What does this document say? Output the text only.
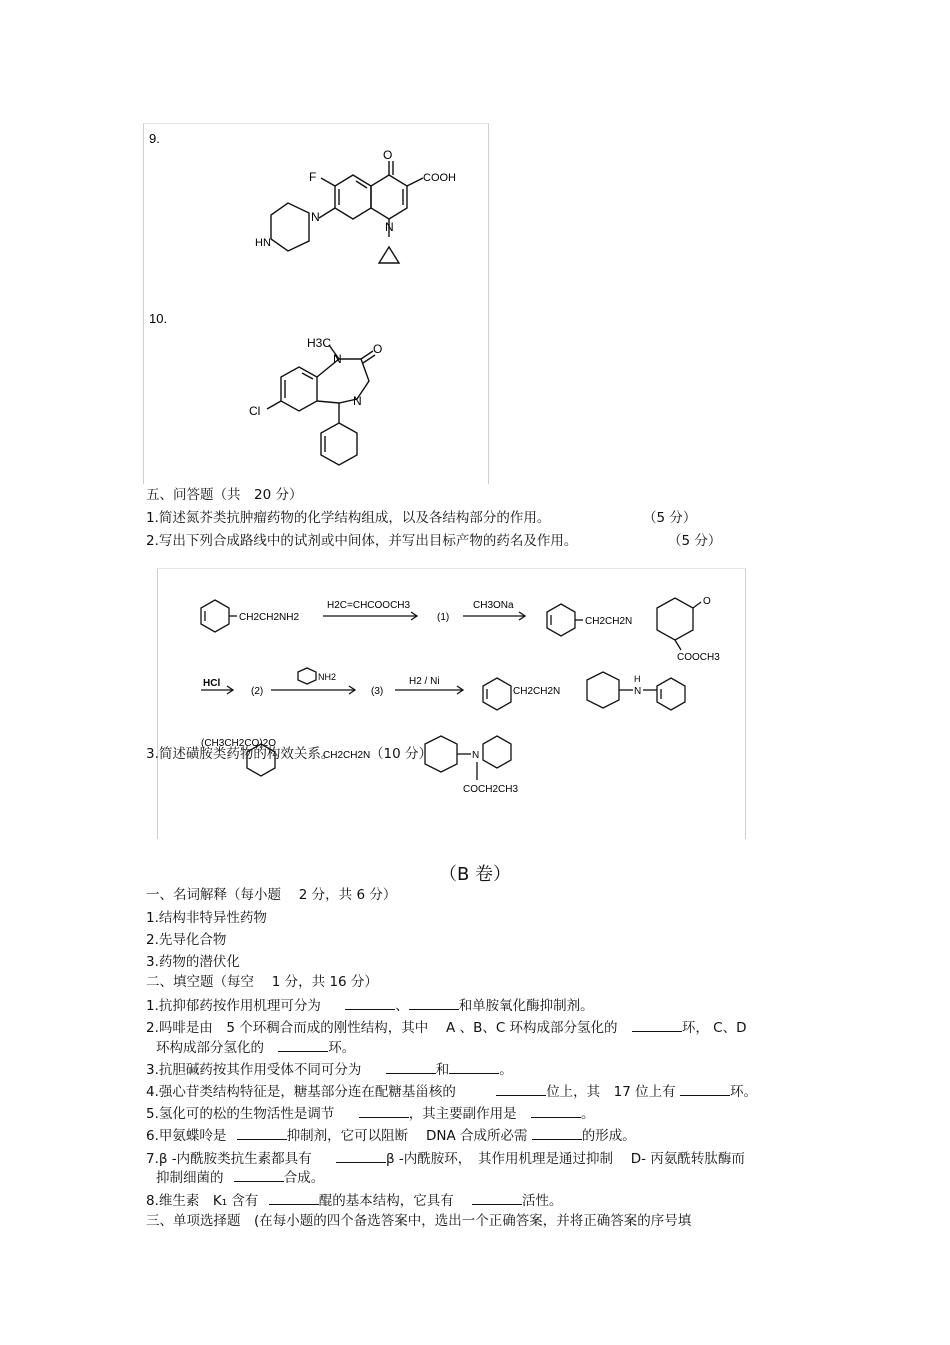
9.
O
COOH
F
N
N
HN
10.
H3C
N
O
Cl
N
五、问答题（共　20 分）
1.简述氮芥类抗肿瘤药物的化学结构组成，以及各结构部分的作用。	（5 分）
2.写出下列合成路线中的试剂或中间体，并写出目标产物的药名及作用。	（5 分）
CH2CH2NH2
H2C=CHCOOCH3
(1)
CH3ONa
CH2CH2N
O
COOCH3
HCl
(2)
NH2
(3)
H2 / Ni
CH2CH2N	N
H
(CH3CH2CO)2O
CH2CH2N	N
COCH2CH3
3.简述磺胺类药物的构效关系。	（10 分）
（B 卷）
一、名词解释（每小题　 2 分，共 6 分）
1.结构非特异性药物
2.先导化合物
3.药物的潜伏化
二、填空题（每空　 1 分，共 16 分）
1.抗抑郁药按作用机理可分为	、	和单胺氧化酶抑制剂。
2.吗啡是由　5 个环稠合而成的刚性结构，其中　 A 、B、C 环构成部分氢化的	环， C、D
环构成部分氢化的	环。
3.抗胆碱药按其作用受体不同可分为	和	。
4.强心苷类结构特征是，糖基部分连在配糖基甾核的	位上，其　17 位上有	环。
5.氢化可的松的生物活性是调节	，其主要副作用是	。
6.甲氨蝶呤是	抑制剂，它可以阻断　 DNA 合成所必需	的形成。
7.β -内酰胺类抗生素都具有	β -内酰胺环，　其作用机理是通过抑制　 D- 丙氨酰转肽酶而
抑制细菌的	合成。
8.维生素　K₁ 含有	醌的基本结构，它具有	活性。
三、单项选择题　(在每小题的四个备选答案中，选出一个正确答案，并将正确答案的序号填
